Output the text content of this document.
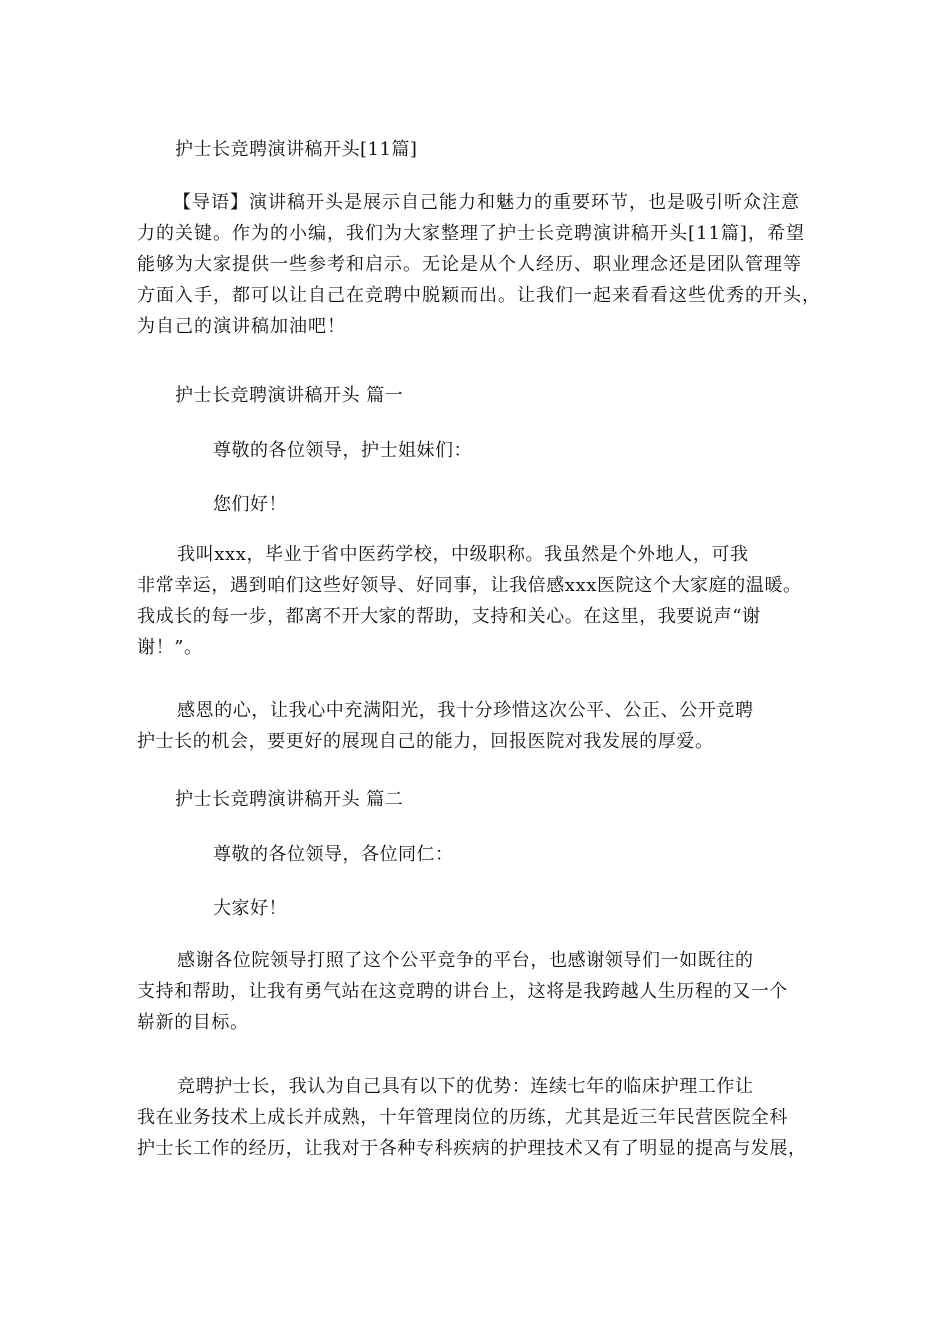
护士长竞聘演讲稿开头[11篇]
【导语】演讲稿开头是展示自己能力和魅力的重要环节，也是吸引听众注意
力的关键。作为的小编，我们为大家整理了护士长竞聘演讲稿开头[11篇]，希望
能够为大家提供一些参考和启示。无论是从个人经历、职业理念还是团队管理等
方面入手，都可以让自己在竞聘中脱颖而出。让我们一起来看看这些优秀的开头，
为自己的演讲稿加油吧！
护士长竞聘演讲稿开头 篇一
尊敬的各位领导，护士姐妹们：
您们好！
我叫xxx，毕业于省中医药学校，中级职称。我虽然是个外地人，可我
非常幸运，遇到咱们这些好领导、好同事，让我倍感xxx医院这个大家庭的温暖。
我成长的每一步，都离不开大家的帮助，支持和关心。在这里，我要说声“谢
谢！”。
感恩的心，让我心中充满阳光，我十分珍惜这次公平、公正、公开竞聘
护士长的机会，要更好的展现自己的能力，回报医院对我发展的厚爱。
护士长竞聘演讲稿开头 篇二
尊敬的各位领导，各位同仁：
大家好！
感谢各位院领导打照了这个公平竞争的平台，也感谢领导们一如既往的
支持和帮助，让我有勇气站在这竞聘的讲台上，这将是我跨越人生历程的又一个
崭新的目标。
竞聘护士长，我认为自己具有以下的优势：连续七年的临床护理工作让
我在业务技术上成长并成熟，十年管理岗位的历练，尤其是近三年民营医院全科
护士长工作的经历，让我对于各种专科疾病的护理技术又有了明显的提高与发展，
